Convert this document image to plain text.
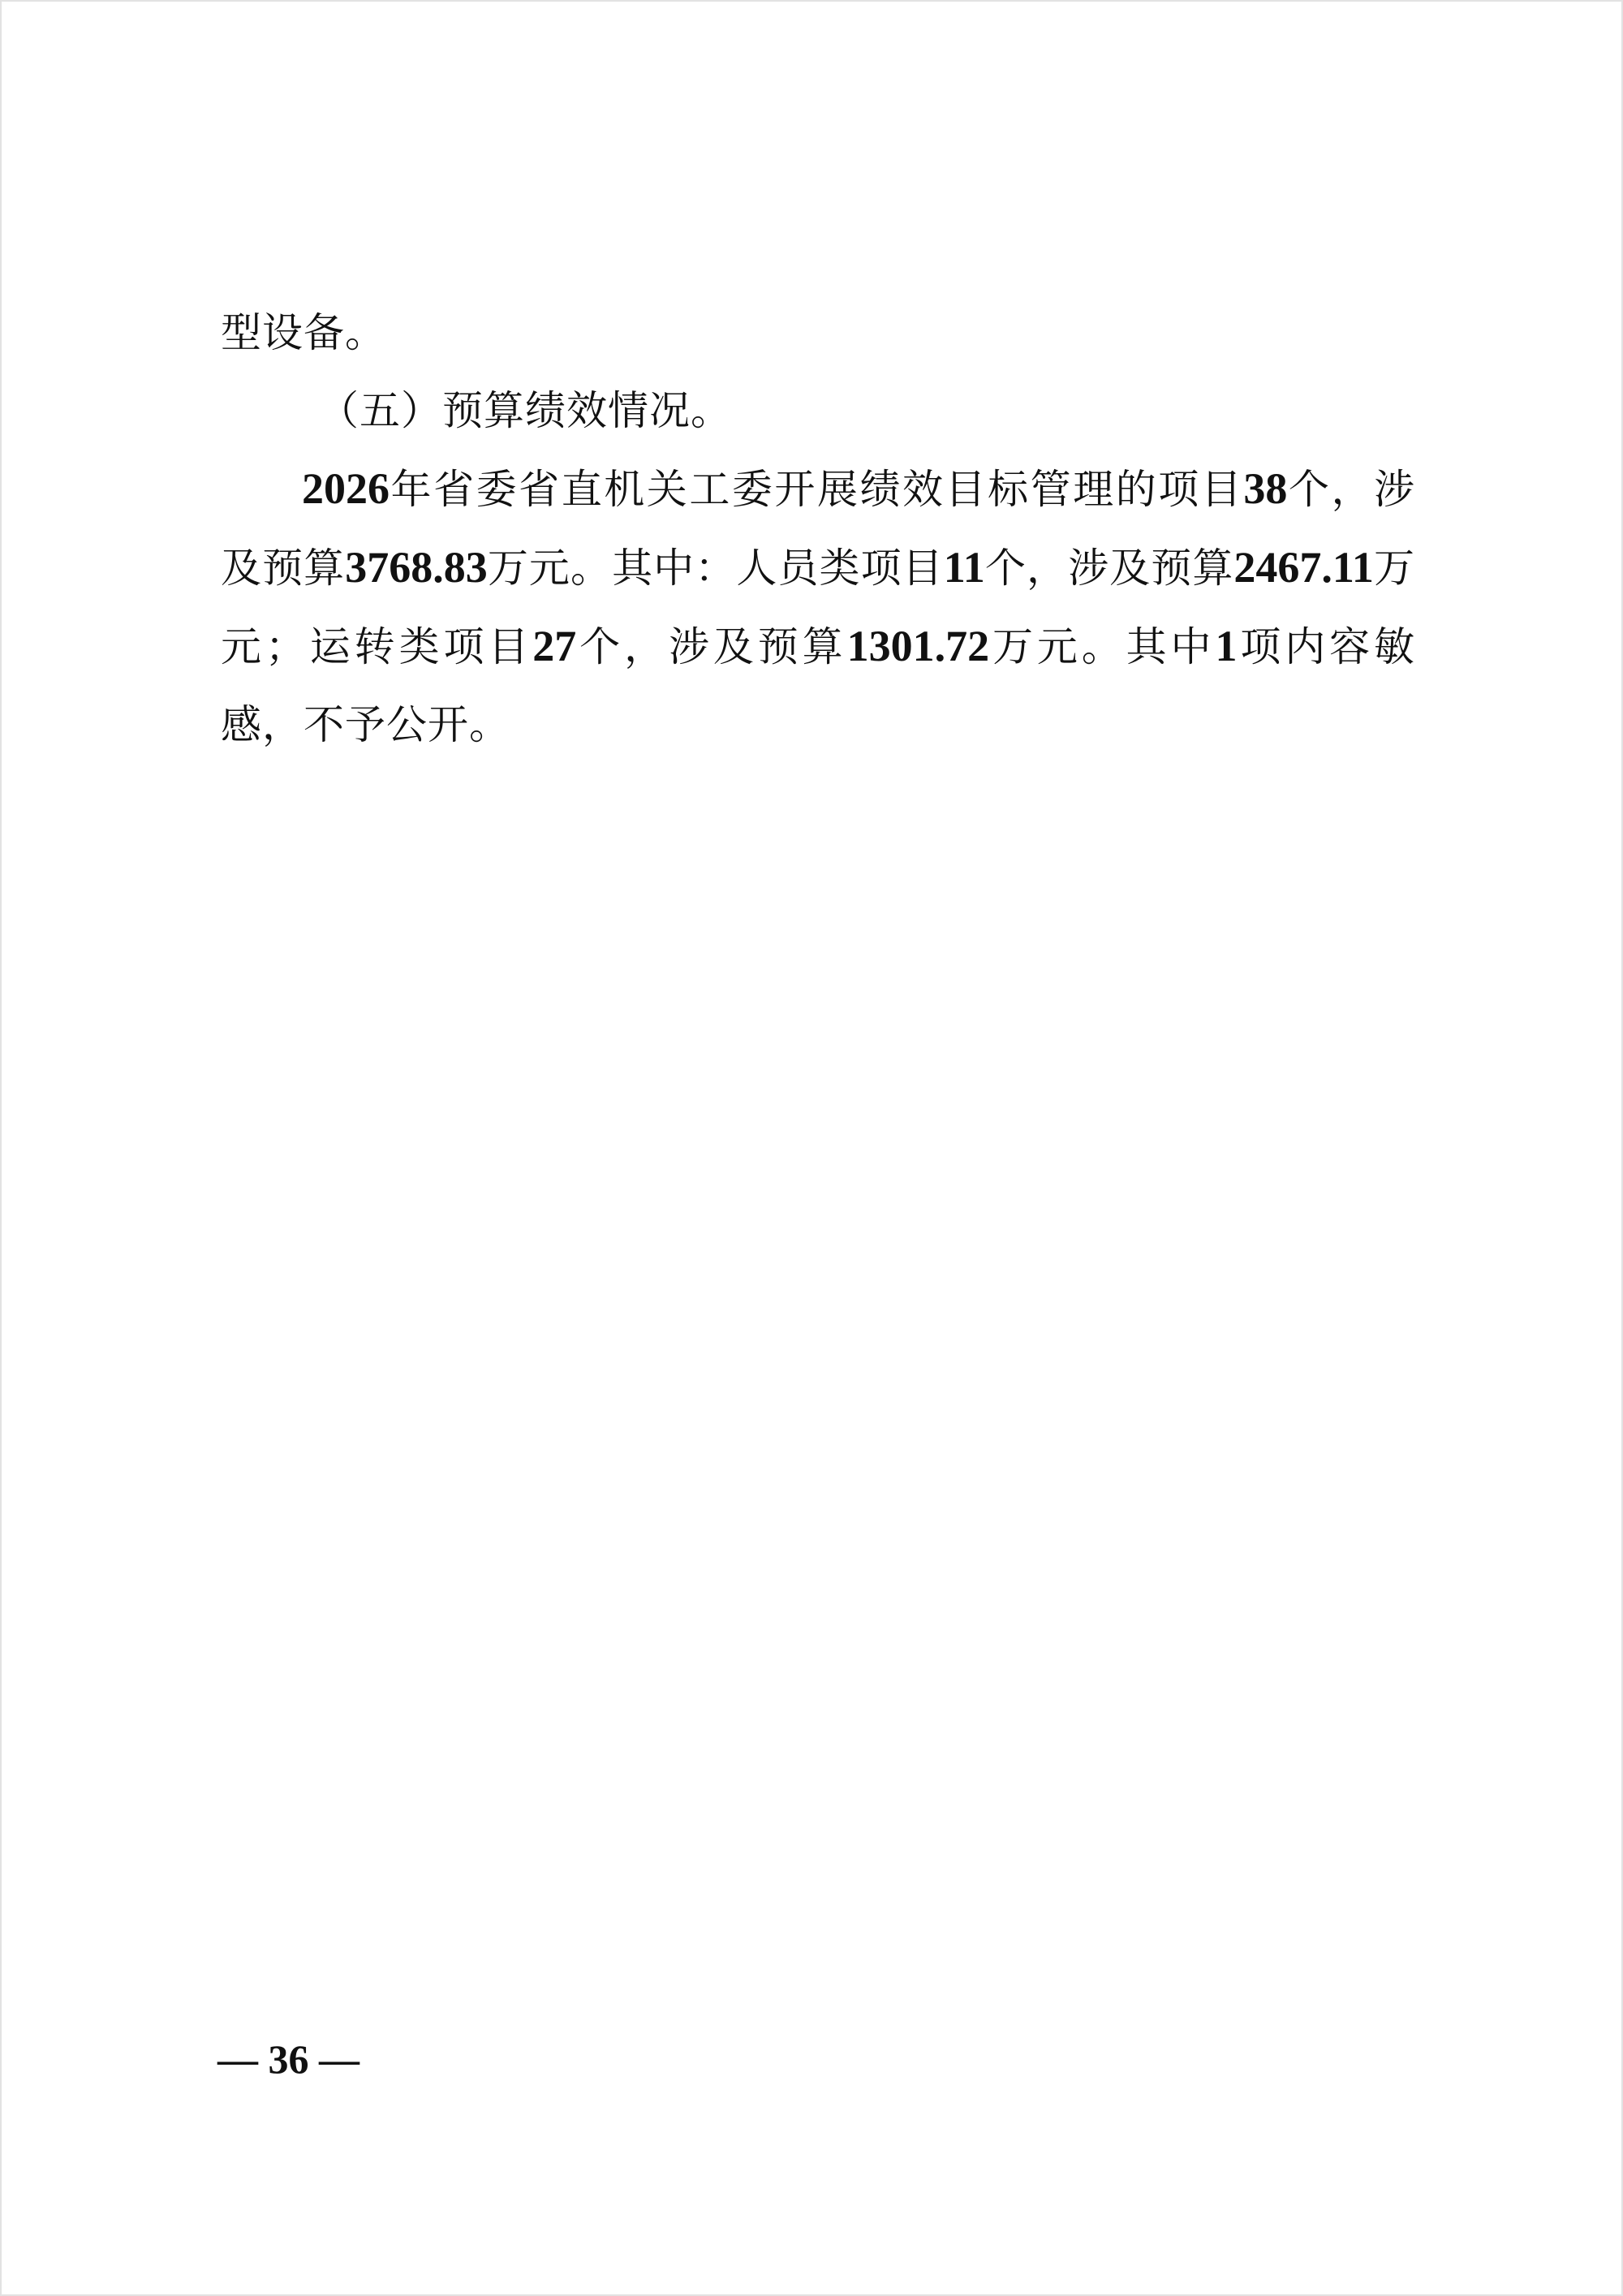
型设备。

（五）预算绩效情况。

2026年省委省直机关工委开展绩效目标管理的项目38个，涉及预算3768.83万元。其中：人员类项目11个，涉及预算2467.11万元；运转类项目27个，涉及预算1301.72万元。其中1项内容敏感，不予公开。

— 36 —
